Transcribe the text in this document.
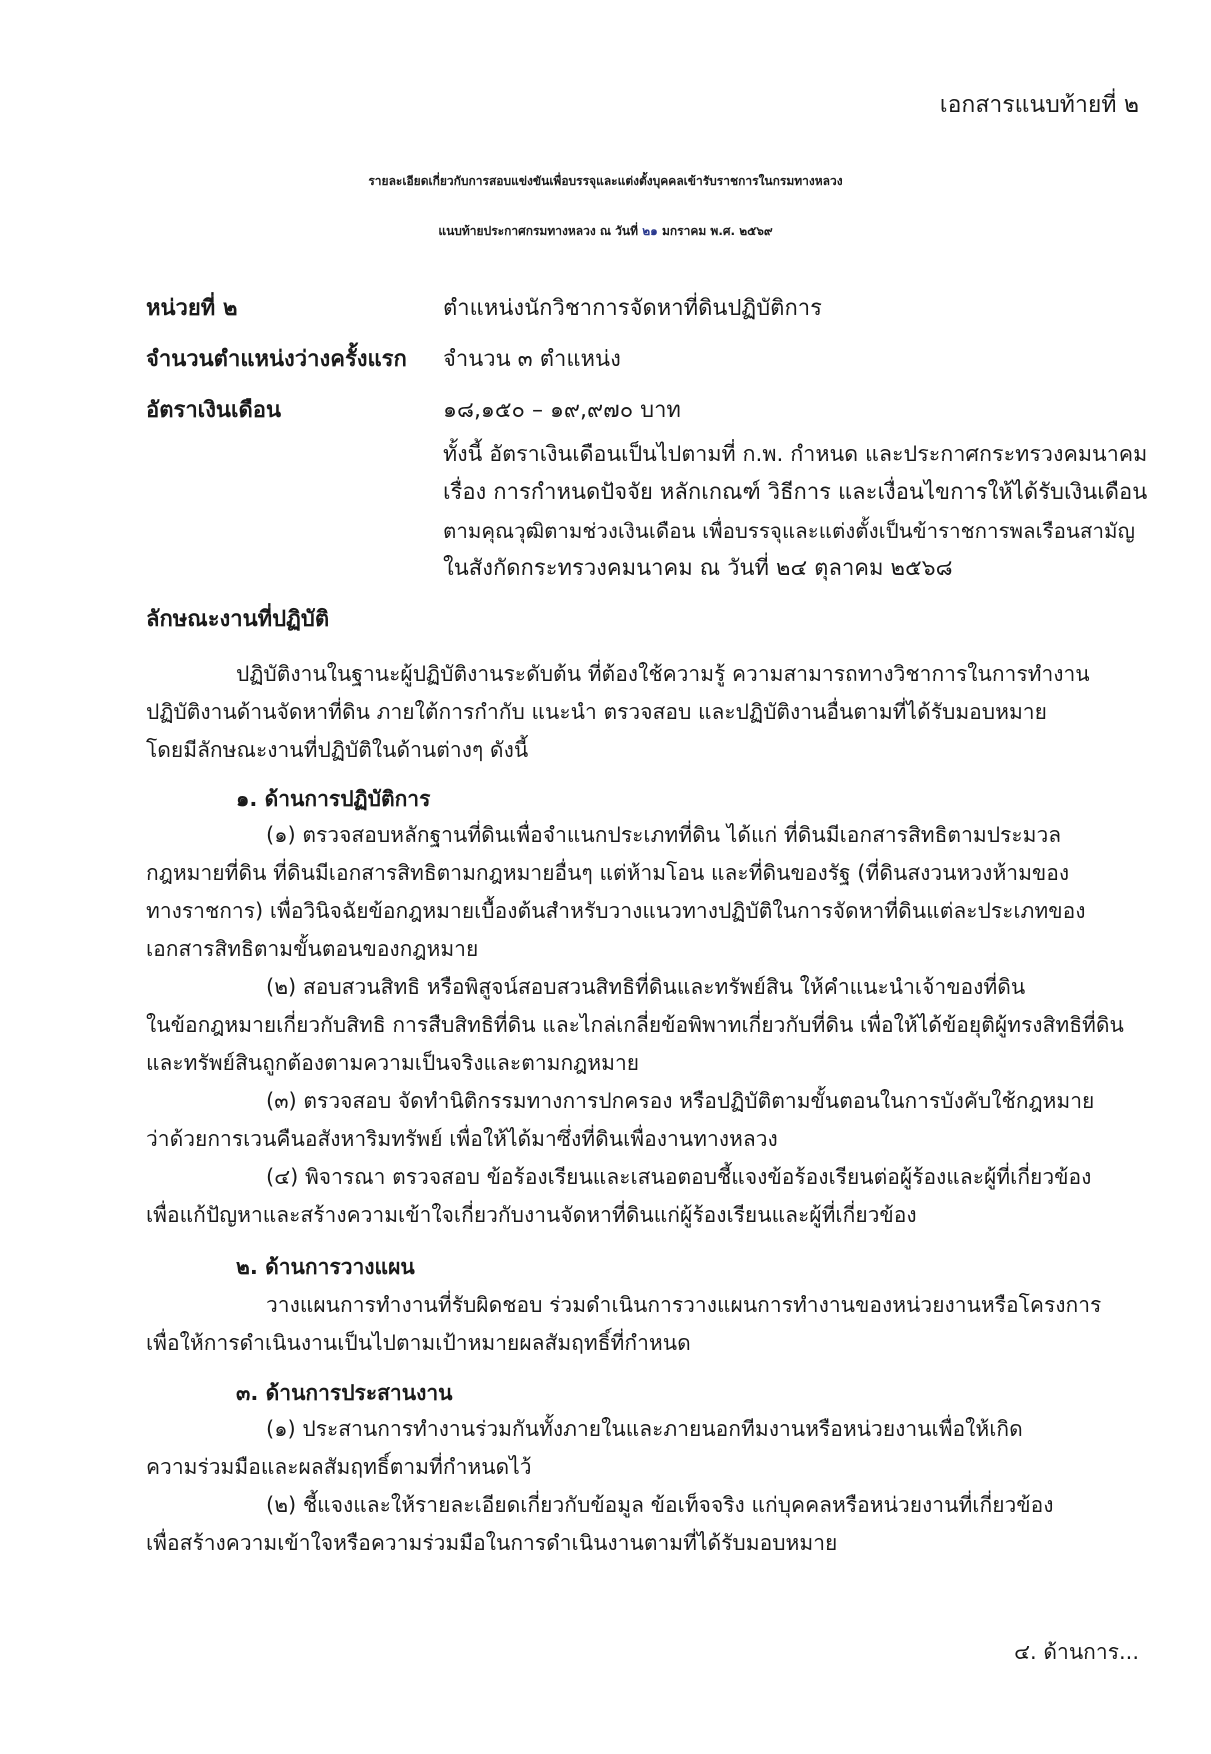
เอกสารแนบท้ายที่ ๒
รายละเอียดเกี่ยวกับการสอบแข่งขันเพื่อบรรจุและแต่งตั้งบุคคลเข้ารับราชการในกรมทางหลวง
แนบท้ายประกาศกรมทางหลวง ณ วันที่ ๒๑ มกราคม พ.ศ. ๒๕๖๙
หน่วยที่ ๒	ตำแหน่งนักวิชาการจัดหาที่ดินปฏิบัติการ
จำนวนตำแหน่งว่างครั้งแรก จำนวน ๓ ตำแหน่ง
อัตราเงินเดือน	๑๘,๑๕๐ – ๑๙,๙๗๐ บาท
ทั้งนี้ อัตราเงินเดือนเป็นไปตามที่ ก.พ. กำหนด และประกาศกระทรวงคมนาคม
เรื่อง การกำหนดปัจจัย หลักเกณฑ์ วิธีการ และเงื่อนไขการให้ได้รับเงินเดือน
ตามคุณวุฒิตามช่วงเงินเดือน เพื่อบรรจุและแต่งตั้งเป็นข้าราชการพลเรือนสามัญ
ในสังกัดกระทรวงคมนาคม ณ วันที่ ๒๔ ตุลาคม ๒๕๖๘
ลักษณะงานที่ปฏิบัติ
ปฏิบัติงานในฐานะผู้ปฏิบัติงานระดับต้น ที่ต้องใช้ความรู้ ความสามารถทางวิชาการในการทำงาน
ปฏิบัติงานด้านจัดหาที่ดิน ภายใต้การกำกับ แนะนำ ตรวจสอบ และปฏิบัติงานอื่นตามที่ได้รับมอบหมาย
โดยมีลักษณะงานที่ปฏิบัติในด้านต่างๆ ดังนี้
๑. ด้านการปฏิบัติการ
(๑) ตรวจสอบหลักฐานที่ดินเพื่อจำแนกประเภทที่ดิน ได้แก่ ที่ดินมีเอกสารสิทธิตามประมวล
กฎหมายที่ดิน ที่ดินมีเอกสารสิทธิตามกฎหมายอื่นๆ แต่ห้ามโอน และที่ดินของรัฐ (ที่ดินสงวนหวงห้ามของ
ทางราชการ) เพื่อวินิจฉัยข้อกฎหมายเบื้องต้นสำหรับวางแนวทางปฏิบัติในการจัดหาที่ดินแต่ละประเภทของ
เอกสารสิทธิตามขั้นตอนของกฎหมาย
(๒) สอบสวนสิทธิ หรือพิสูจน์สอบสวนสิทธิที่ดินและทรัพย์สิน ให้คำแนะนำเจ้าของที่ดิน
ในข้อกฎหมายเกี่ยวกับสิทธิ การสืบสิทธิที่ดิน และไกล่เกลี่ยข้อพิพาทเกี่ยวกับที่ดิน เพื่อให้ได้ข้อยุติผู้ทรงสิทธิที่ดิน
และทรัพย์สินถูกต้องตามความเป็นจริงและตามกฎหมาย
(๓) ตรวจสอบ จัดทำนิติกรรมทางการปกครอง หรือปฏิบัติตามขั้นตอนในการบังคับใช้กฎหมาย
ว่าด้วยการเวนคืนอสังหาริมทรัพย์ เพื่อให้ได้มาซึ่งที่ดินเพื่องานทางหลวง
(๔) พิจารณา ตรวจสอบ ข้อร้องเรียนและเสนอตอบชี้แจงข้อร้องเรียนต่อผู้ร้องและผู้ที่เกี่ยวข้อง
เพื่อแก้ปัญหาและสร้างความเข้าใจเกี่ยวกับงานจัดหาที่ดินแก่ผู้ร้องเรียนและผู้ที่เกี่ยวข้อง
๒. ด้านการวางแผน
วางแผนการทำงานที่รับผิดชอบ ร่วมดำเนินการวางแผนการทำงานของหน่วยงานหรือโครงการ
เพื่อให้การดำเนินงานเป็นไปตามเป้าหมายผลสัมฤทธิ์ที่กำหนด
๓. ด้านการประสานงาน
(๑) ประสานการทำงานร่วมกันทั้งภายในและภายนอกทีมงานหรือหน่วยงานเพื่อให้เกิด
ความร่วมมือและผลสัมฤทธิ์ตามที่กำหนดไว้
(๒) ชี้แจงและให้รายละเอียดเกี่ยวกับข้อมูล ข้อเท็จจริง แก่บุคคลหรือหน่วยงานที่เกี่ยวข้อง
เพื่อสร้างความเข้าใจหรือความร่วมมือในการดำเนินงานตามที่ได้รับมอบหมาย
๔. ด้านการ...
